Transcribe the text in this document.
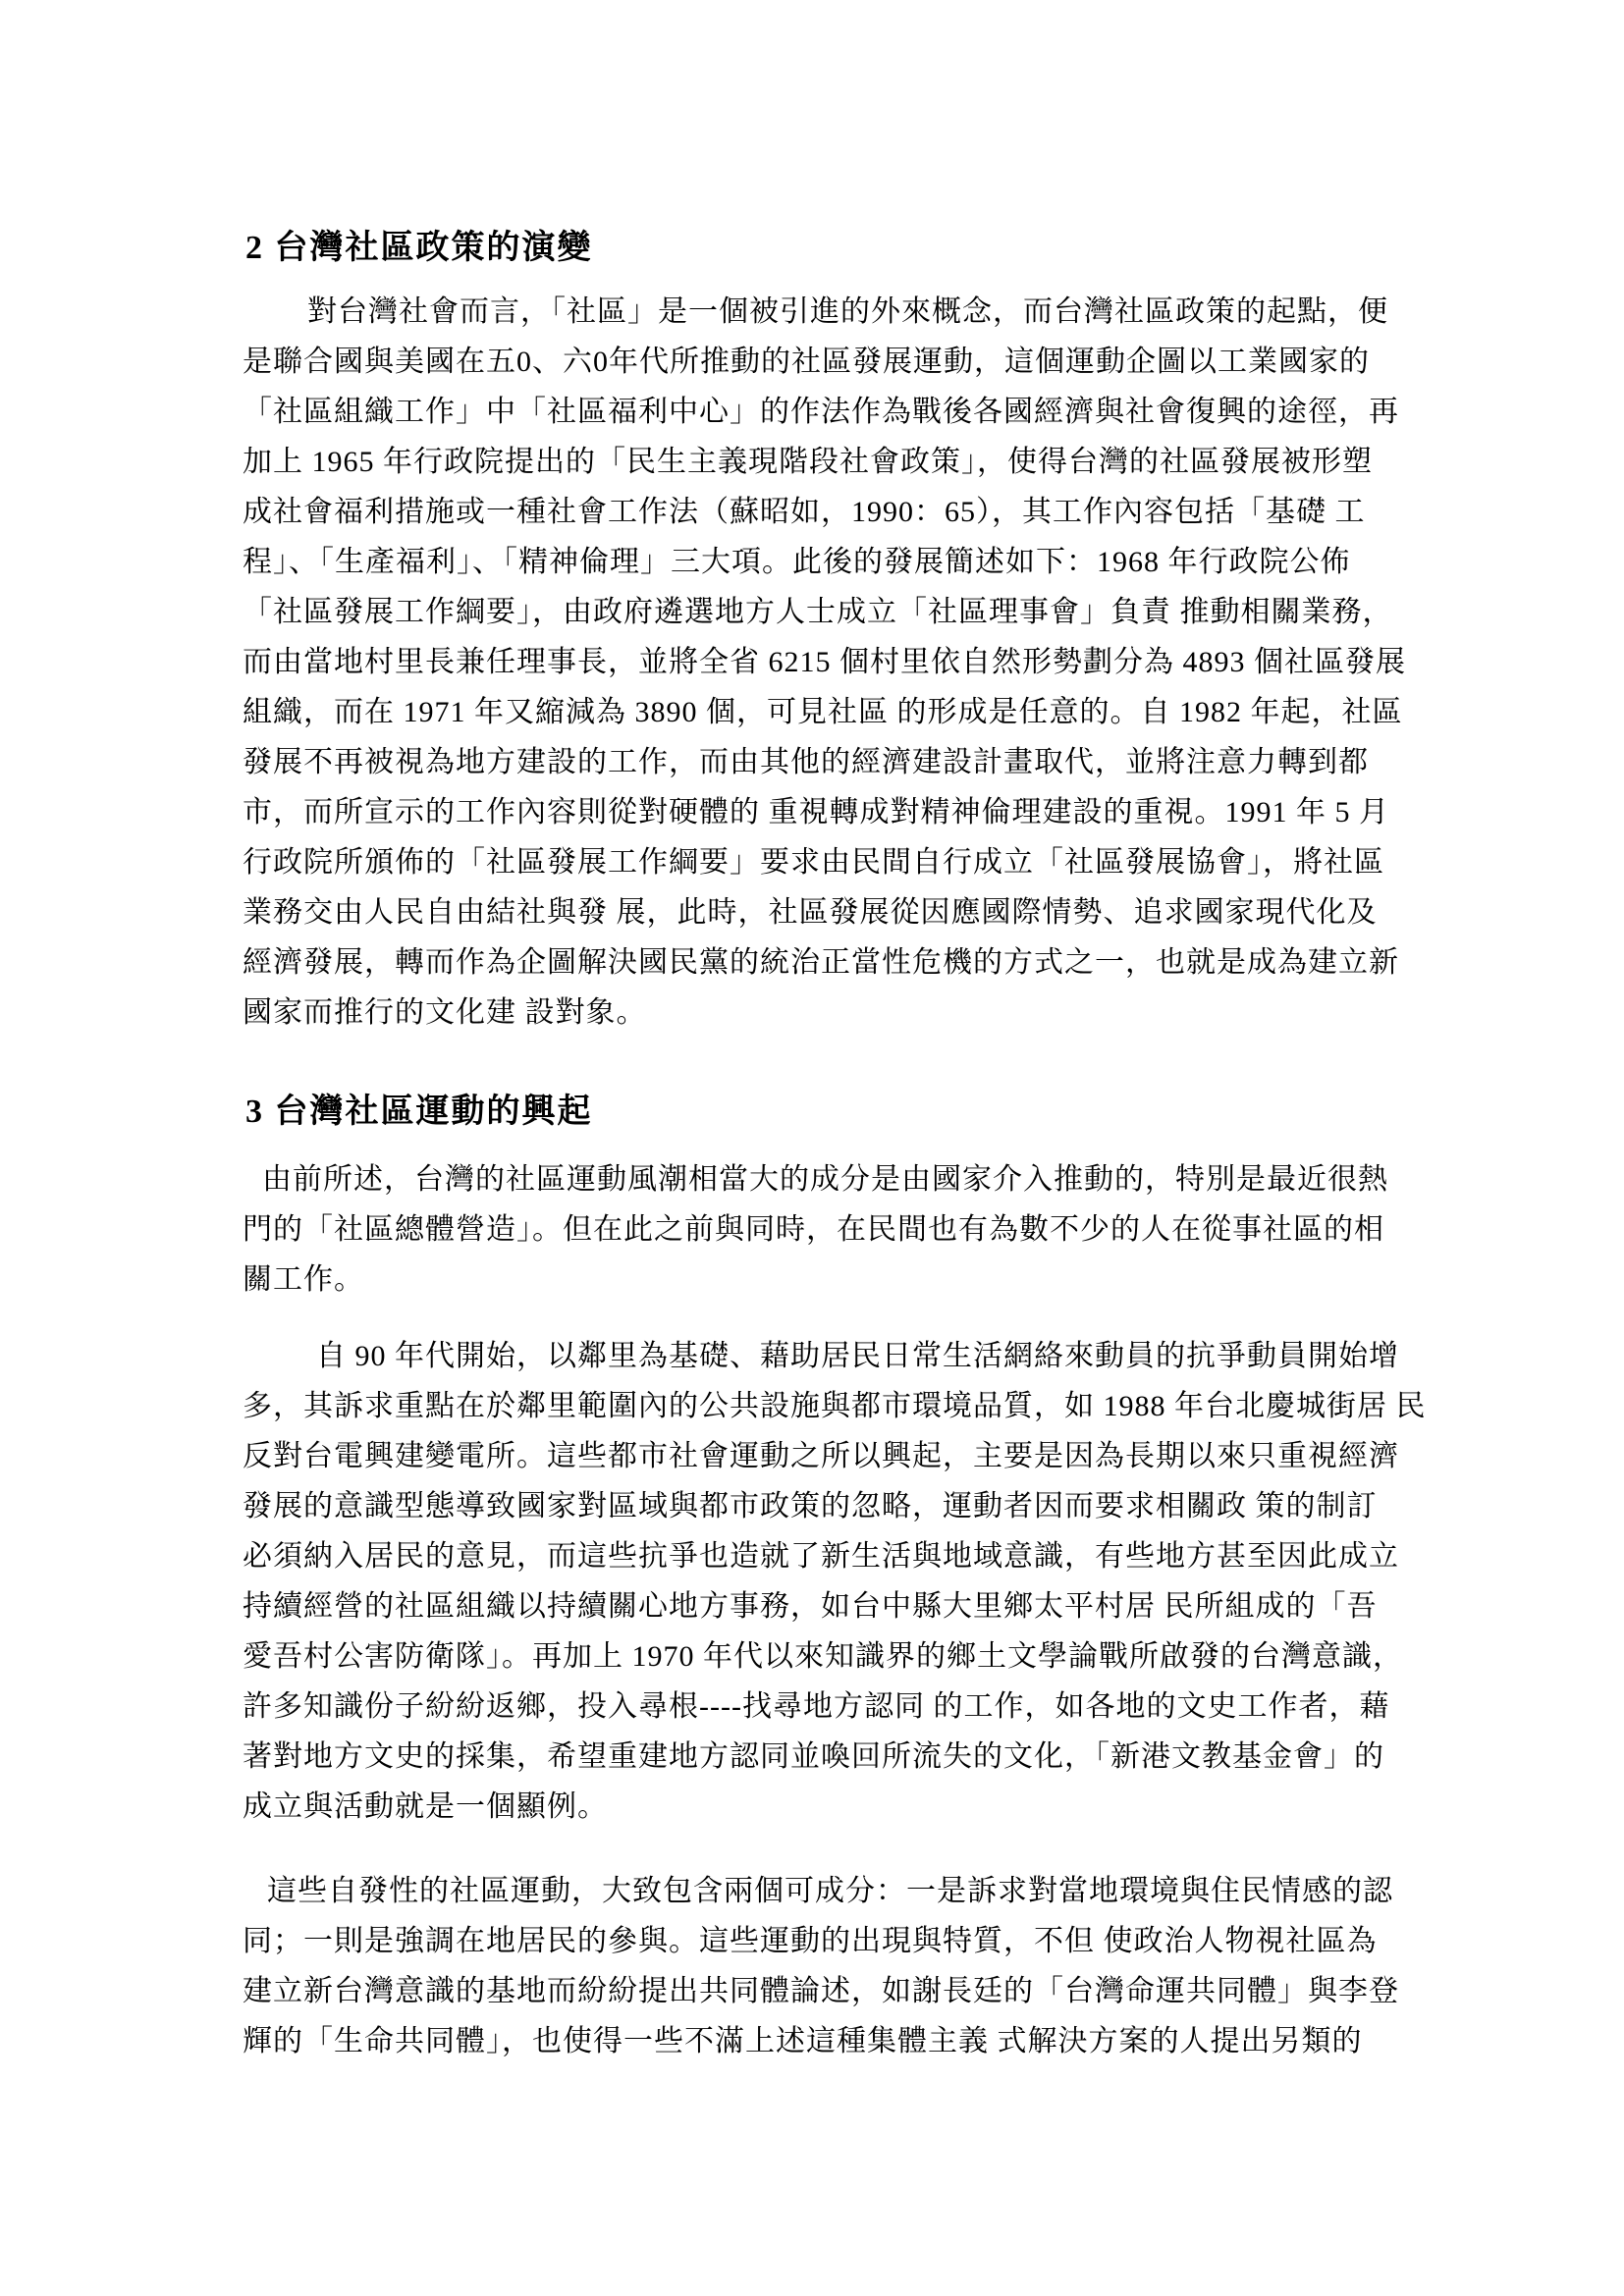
2 台灣社區政策的演變
對台灣社會而言，「社區」是一個被引進的外來概念，而台灣社區政策的起點，便
是聯合國與美國在五0、六0年代所推動的社區發展運動，這個運動企圖以工業國家的
「社區組織工作」中「社區福利中心」的作法作為戰後各國經濟與社會復興的途徑，再
加上 1965 年行政院提出的「民生主義現階段社會政策」，使得台灣的社區發展被形塑
成社會福利措施或一種社會工作法（蘇昭如，1990：65），其工作內容包括「基礎 工
程」、「生產福利」、「精神倫理」三大項。此後的發展簡述如下：1968 年行政院公佈
「社區發展工作綱要」，由政府遴選地方人士成立「社區理事會」負責 推動相關業務，
而由當地村里長兼任理事長，並將全省 6215 個村里依自然形勢劃分為 4893 個社區發展
組織，而在 1971 年又縮減為 3890 個，可見社區 的形成是任意的。自 1982 年起，社區
發展不再被視為地方建設的工作，而由其他的經濟建設計畫取代，並將注意力轉到都
市，而所宣示的工作內容則從對硬體的 重視轉成對精神倫理建設的重視。1991 年 5 月
行政院所頒佈的「社區發展工作綱要」要求由民間自行成立「社區發展協會」，將社區
業務交由人民自由結社與發 展，此時，社區發展從因應國際情勢、追求國家現代化及
經濟發展，轉而作為企圖解決國民黨的統治正當性危機的方式之一，也就是成為建立新
國家而推行的文化建 設對象。
3 台灣社區運動的興起
由前所述，台灣的社區運動風潮相當大的成分是由國家介入推動的，特別是最近很熱
門的「社區總體營造」。但在此之前與同時，在民間也有為數不少的人在從事社區的相
關工作。
自 90 年代開始，以鄰里為基礎、藉助居民日常生活網絡來動員的抗爭動員開始增
多，其訴求重點在於鄰里範圍內的公共設施與都市環境品質，如 1988 年台北慶城街居 民
反對台電興建變電所。這些都市社會運動之所以興起，主要是因為長期以來只重視經濟
發展的意識型態導致國家對區域與都市政策的忽略，運動者因而要求相關政 策的制訂
必須納入居民的意見，而這些抗爭也造就了新生活與地域意識，有些地方甚至因此成立
持續經營的社區組織以持續關心地方事務，如台中縣大里鄉太平村居 民所組成的「吾
愛吾村公害防衛隊」。再加上 1970 年代以來知識界的鄉土文學論戰所啟發的台灣意識，
許多知識份子紛紛返鄉，投入尋根----找尋地方認同 的工作，如各地的文史工作者，藉
著對地方文史的採集，希望重建地方認同並喚回所流失的文化，「新港文教基金會」的
成立與活動就是一個顯例。
這些自發性的社區運動，大致包含兩個可成分：一是訴求對當地環境與住民情感的認
同；一則是強調在地居民的參與。這些運動的出現與特質，不但 使政治人物視社區為
建立新台灣意識的基地而紛紛提出共同體論述，如謝長廷的「台灣命運共同體」與李登
輝的「生命共同體」，也使得一些不滿上述這種集體主義 式解決方案的人提出另類的
